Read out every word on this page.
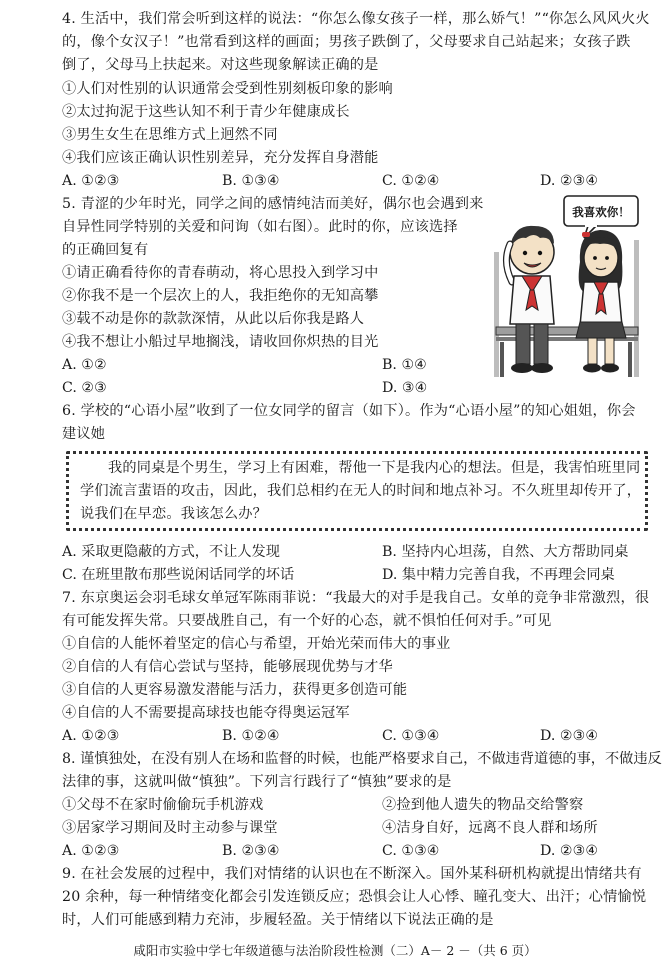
4. 生活中，我们常会听到这样的说法：“你怎么像女孩子一样，那么娇气！”“你怎么风风火火
的，像个女汉子！”也常看到这样的画面；男孩子跌倒了，父母要求自己站起来；女孩子跌
倒了，父母马上扶起来。对这些现象解读正确的是
①人们对性别的认识通常会受到性别刻板印象的影响
②太过拘泥于这些认知不利于青少年健康成长
③男生女生在思维方式上迥然不同
④我们应该正确认识性别差异，充分发挥自身潜能
A. ①②③	B. ①③④	C. ①②④	D. ②③④
5. 青涩的少年时光，同学之间的感情纯洁而美好，偶尔也会遇到来
自异性同学特别的关爱和问询（如右图）。此时的你，应该选择
的正确回复有
①请正确看待你的青春萌动，将心思投入到学习中
②你我不是一个层次上的人，我拒绝你的无知高攀
③载不动是你的款款深情，从此以后你我是路人
④我不想让小船过早地搁浅，请收回你炽热的目光
A. ①②	B. ①④
C. ②③	D. ③④
我喜欢你！
6. 学校的“心语小屋”收到了一位女同学的留言（如下）。作为“心语小屋”的知心姐姐，你会
建议她
我的同桌是个男生，学习上有困难，帮他一下是我内心的想法。但是，我害怕班里同
学们流言蜚语的攻击，因此，我们总相约在无人的时间和地点补习。不久班里却传开了，
说我们在早恋。我该怎么办？
A. 采取更隐蔽的方式，不让人发现	B. 坚持内心坦荡，自然、大方帮助同桌
C. 在班里散布那些说闲话同学的坏话	D. 集中精力完善自我，不再理会同桌
7. 东京奥运会羽毛球女单冠军陈雨菲说：“我最大的对手是我自己。女单的竞争非常激烈，很
有可能发挥失常。只要战胜自己，有一个好的心态，就不惧怕任何对手。”可见
①自信的人能怀着坚定的信心与希望，开始光荣而伟大的事业
②自信的人有信心尝试与坚持，能够展现优势与才华
③自信的人更容易激发潜能与活力，获得更多创造可能
④自信的人不需要提高球技也能夺得奥运冠军
A. ①②③	B. ①②④	C. ①③④	D. ②③④
8. 谨慎独处，在没有别人在场和监督的时候，也能严格要求自己，不做违背道德的事，不做违反
法律的事，这就叫做“慎独”。下列言行践行了“慎独”要求的是
①父母不在家时偷偷玩手机游戏	②捡到他人遗失的物品交给警察
③居家学习期间及时主动参与课堂	④洁身自好，远离不良人群和场所
A. ①②③	B. ②③④	C. ①③④	D. ②③④
9. 在社会发展的过程中，我们对情绪的认识也在不断深入。国外某科研机构就提出情绪共有
20 余种，每一种情绪变化都会引发连锁反应；恐惧会让人心悸、瞳孔变大、出汗；心情愉悦
时，人们可能感到精力充沛，步履轻盈。关于情绪以下说法正确的是
咸阳市实验中学七年级道德与法治阶段性检测（二）A－ 2 －（共 6 页）
